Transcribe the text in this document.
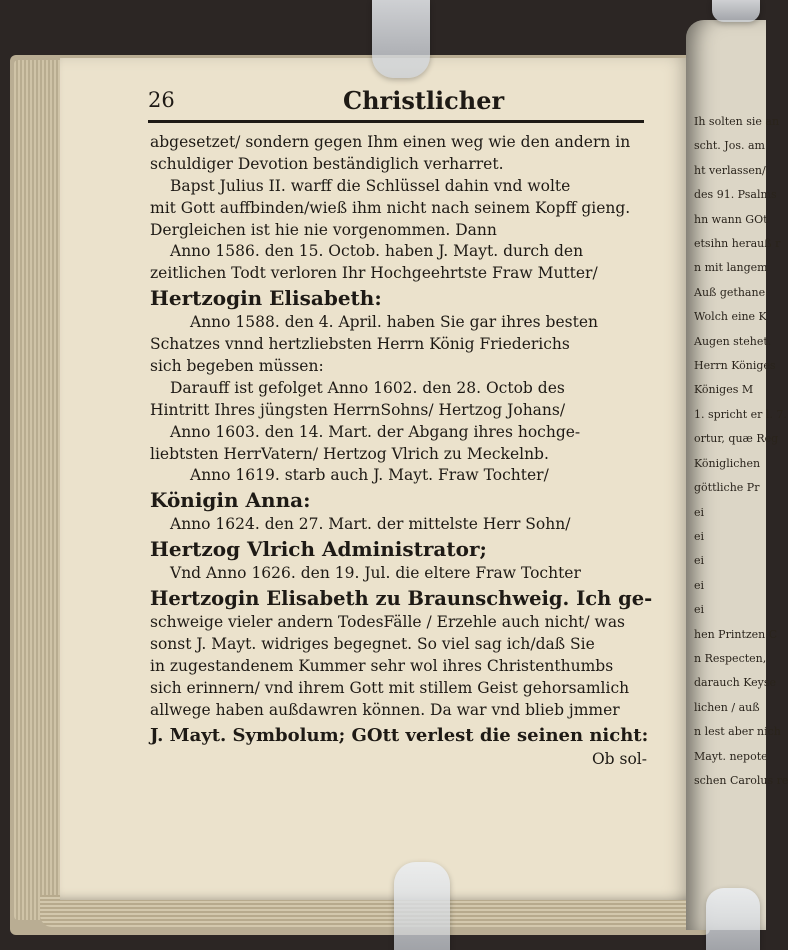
Ih solten sie an
scht. Jos. am
ht verlassen/
des 91. Psalms
hn wann GOt
etsihn herauß r
n mit langem
Auß gethane
Wolch eine K
Augen stehet.
Herrn Königes
Königes M
1. spricht er l. 7.
ortur, quæ Reg
Königlichen
göttliche Pr
ei
ei
ei
ei
ei
hen Printzen C
n Respecten,
darauch Keyse
lichen / auß
n lest aber nich
Mayt. nepote
schen Carolus re
26	Christlicher
abgesetzet/ sondern gegen Ihm einen weg wie den andern in
schuldiger Devotion beständiglich verharret.
Bapst Julius II. warff die Schlüssel dahin vnd wolte
mit Gott auffbinden/wieß ihm nicht nach seinem Kopff gieng.
Dergleichen ist hie nie vorgenommen. Dann
Anno 1586. den 15. Octob. haben J. Mayt. durch den
zeitlichen Todt verloren Ihr Hochgeehrtste Fraw Mutter/
Hertzogin Elisabeth:
Anno 1588. den 4. April. haben Sie gar ihres besten
Schatzes vnnd hertzliebsten Herrn König Friederichs
sich begeben müssen:
Darauff ist gefolget Anno 1602. den 28. Octob des
Hintritt Ihres jüngsten HerrnSohns/ Hertzog Johans/
Anno 1603. den 14. Mart. der Abgang ihres hochge-
liebtsten HerrVatern/ Hertzog Vlrich zu Meckelnb.
Anno 1619. starb auch J. Mayt. Fraw Tochter/
Königin Anna:
Anno 1624. den 27. Mart. der mittelste Herr Sohn/
Hertzog Vlrich Administrator;
Vnd Anno 1626. den 19. Jul. die eltere Fraw Tochter
Hertzogin Elisabeth zu Braunschweig. Ich ge-
schweige vieler andern TodesFälle / Erzehle auch nicht/ was
sonst J. Mayt. widriges begegnet. So viel sag ich/daß Sie
in zugestandenem Kummer sehr wol ihres Christenthumbs
sich erinnern/ vnd ihrem Gott mit stillem Geist gehorsamlich
allwege haben außdawren können. Da war vnd blieb jmmer
J. Mayt. Symbolum; GOtt verlest die seinen nicht:
Ob sol-
